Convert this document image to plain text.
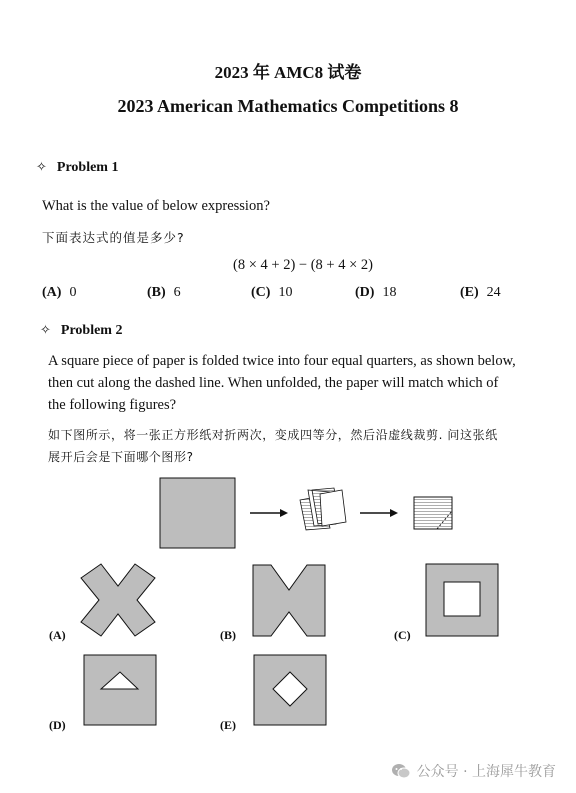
2023 年 AMC8 试卷
2023 American Mathematics Competitions 8
✧ Problem 1
What is the value of below expression?
下面表达式的值是多少?
(8 × 4 + 2) − (8 + 4 × 2)
(A) 0	(B) 6	(C) 10	(D) 18	(E) 24
✧ Problem 2
A square piece of paper is folded twice into four equal quarters, as shown below,
then cut along the dashed line. When unfolded, the paper will match which of
the following figures?
如下图所示，将一张正方形纸对折两次，变成四等分，然后沿虚线裁剪. 问这张纸
展开后会是下面哪个图形?
(A)	(B)	(C)
(D)	(E)
公众号 · 上海犀牛教育
